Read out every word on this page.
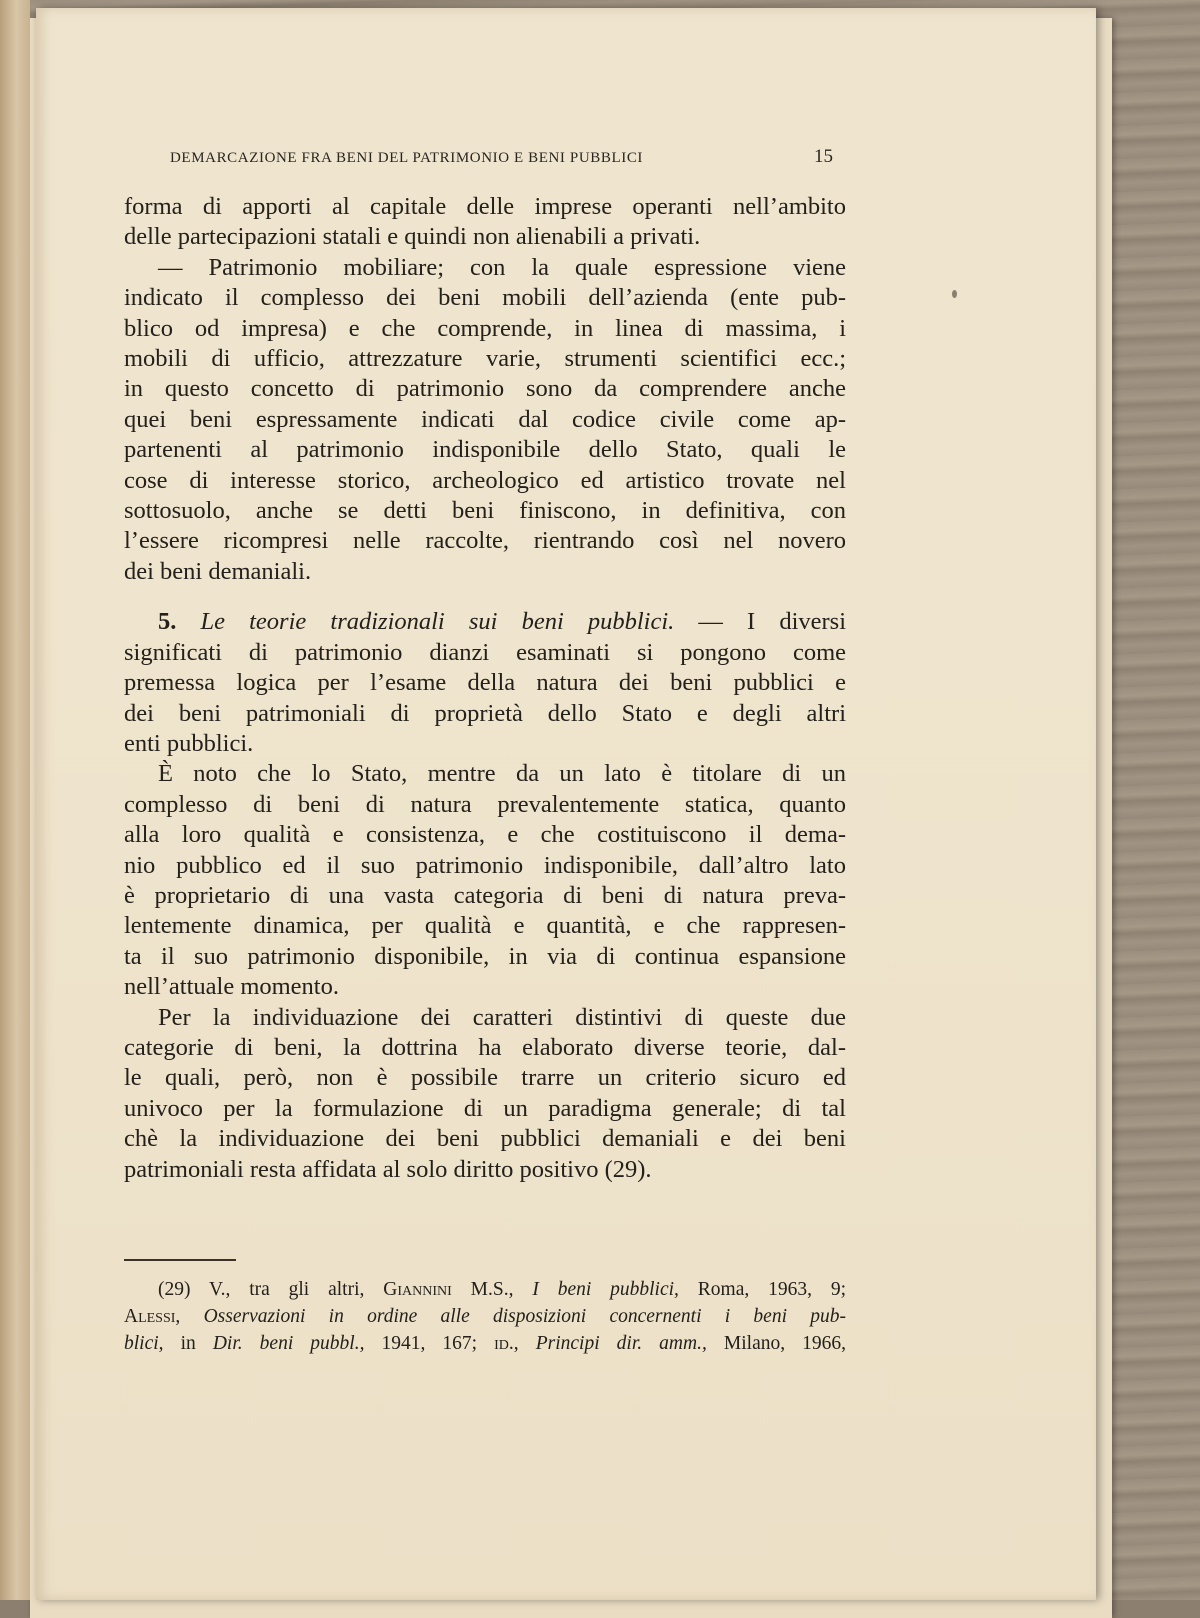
DEMARCAZIONE FRA BENI DEL PATRIMONIO E BENI PUBBLICI	15
forma di apporti al capitale delle imprese operanti nell’ambito
delle partecipazioni statali e quindi non alienabili a privati.
— Patrimonio mobiliare; con la quale espressione viene
indicato il complesso dei beni mobili dell’azienda (ente pub-
blico od impresa) e che comprende, in linea di massima, i
mobili di ufficio, attrezzature varie, strumenti scientifici ecc.;
in questo concetto di patrimonio sono da comprendere anche
quei beni espressamente indicati dal codice civile come ap-
partenenti al patrimonio indisponibile dello Stato, quali le
cose di interesse storico, archeologico ed artistico trovate nel
sottosuolo, anche se detti beni finiscono, in definitiva, con
l’essere ricompresi nelle raccolte, rientrando così nel novero
dei beni demaniali.
5. Le teorie tradizionali sui beni pubblici. — I diversi
significati di patrimonio dianzi esaminati si pongono come
premessa logica per l’esame della natura dei beni pubblici e
dei beni patrimoniali di proprietà dello Stato e degli altri
enti pubblici.
È noto che lo Stato, mentre da un lato è titolare di un
complesso di beni di natura prevalentemente statica, quanto
alla loro qualità e consistenza, e che costituiscono il dema-
nio pubblico ed il suo patrimonio indisponibile, dall’altro lato
è proprietario di una vasta categoria di beni di natura preva-
lentemente dinamica, per qualità e quantità, e che rappresen-
ta il suo patrimonio disponibile, in via di continua espansione
nell’attuale momento.
Per la individuazione dei caratteri distintivi di queste due
categorie di beni, la dottrina ha elaborato diverse teorie, dal-
le quali, però, non è possibile trarre un criterio sicuro ed
univoco per la formulazione di un paradigma generale; di tal
chè la individuazione dei beni pubblici demaniali e dei beni
patrimoniali resta affidata al solo diritto positivo (29).
(29) V., tra gli altri, Giannini M.S., I beni pubblici, Roma, 1963, 9;
Alessi, Osservazioni in ordine alle disposizioni concernenti i beni pub-
blici, in Dir. beni pubbl., 1941, 167; id., Principi dir. amm., Milano, 1966,
